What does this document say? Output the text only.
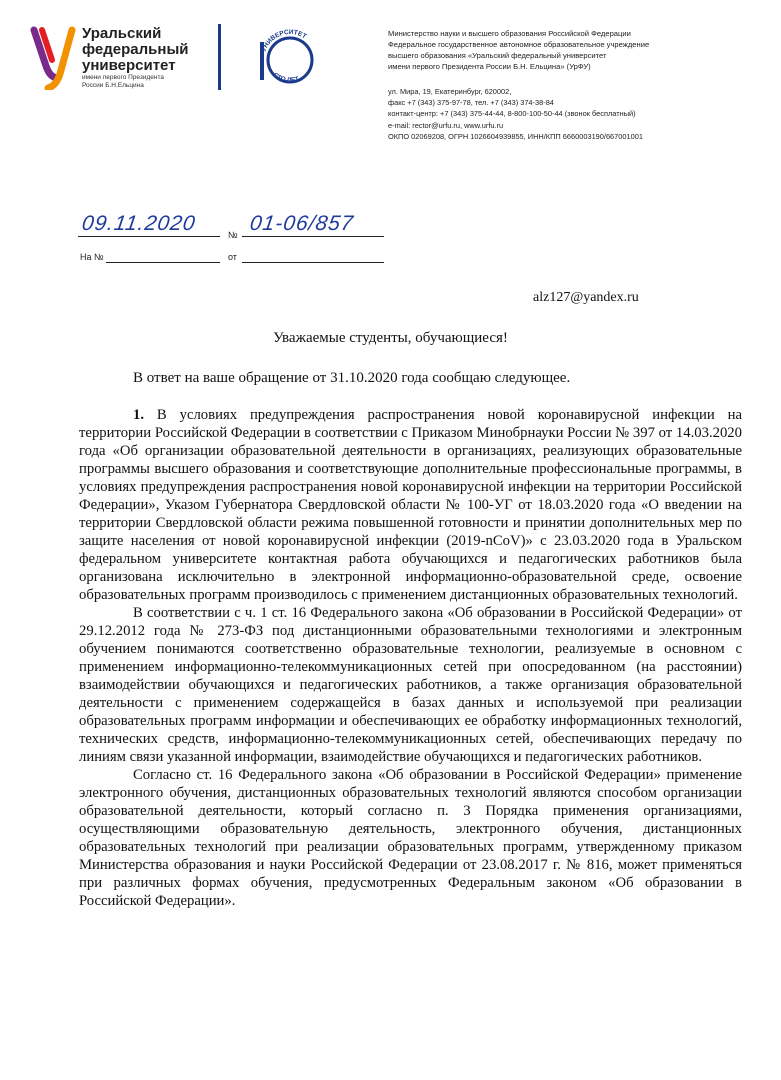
Уральский
федеральный
университет
имени первого Президента
России Б.Н.Ельцина
УНИВЕРСИТЕТ
СТО ЛЕТ
Министерство науки и высшего образования Российской Федерации
Федеральное государственное автономное образовательное учреждение
высшего образования «Уральский федеральный университет
имени первого Президента России Б.Н. Ельцина» (УрФУ)
ул. Мира, 19, Екатеринбург, 620002,
факс +7 (343) 375-97-78, тел. +7 (343) 374-38-84
контакт-центр: +7 (343) 375-44-44, 8-800-100-50-44 (звонок бесплатный)
e-mail: rector@urfu.ru, www.urfu.ru
ОКПО 02069208, ОГРН 1026604939855, ИНН/КПП 6660003190/667001001
09.11.2020	№ 01-06/857
На №	от
alz127@yandex.ru
Уважаемые студенты, обучающиеся!
В ответ на ваше обращение от 31.10.2020 года сообщаю следующее.

1. В условиях предупреждения распространения новой коронавирусной инфекции на территории Российской Федерации в соответствии с Приказом Минобрнауки России № 397 от 14.03.2020 года «Об организации образовательной деятельности в организациях, реализующих образовательные программы высшего образования и соответствующие дополнительные профессиональные программы, в условиях предупреждения распространения новой коронавирусной инфекции на территории Российской Федерации», Указом Губернатора Свердловской области № 100-УГ от 18.03.2020 года «О введении на территории Свердловской области режима повышенной готовности и принятии дополнительных мер по защите населения от новой коронавирусной инфекции (2019-nCoV)» с 23.03.2020 года в Уральском федеральном университете контактная работа обучающихся и педагогических работников была организована исключительно в электронной информационно-образовательной среде, освоение образовательных программ производилось с применением дистанционных образовательных технологий.

В соответствии с ч. 1 ст. 16 Федерального закона «Об образовании в Российской Федерации» от 29.12.2012 года № 273-ФЗ под дистанционными образовательными технологиями и электронным обучением понимаются соответственно образовательные технологии, реализуемые в основном с применением информационно-телекоммуникационных сетей при опосредованном (на расстоянии) взаимодействии обучающихся и педагогических работников, а также организация образовательной деятельности с применением содержащейся в базах данных и используемой при реализации образовательных программ информации и обеспечивающих ее обработку информационных технологий, технических средств, информационно-телекоммуникационных сетей, обеспечивающих передачу по линиям связи указанной информации, взаимодействие обучающихся и педагогических работников.

Согласно ст. 16 Федерального закона «Об образовании в Российской Федерации» применение электронного обучения, дистанционных образовательных технологий являются способом организации образовательной деятельности, который согласно п. 3 Порядка применения организациями, осуществляющими образовательную деятельность, электронного обучения, дистанционных образовательных технологий при реализации образовательных программ, утвержденному приказом Министерства образования и науки Российской Федерации от 23.08.2017 г. № 816, может применяться при различных формах обучения, предусмотренных Федеральным законом «Об образовании в Российской Федерации».
